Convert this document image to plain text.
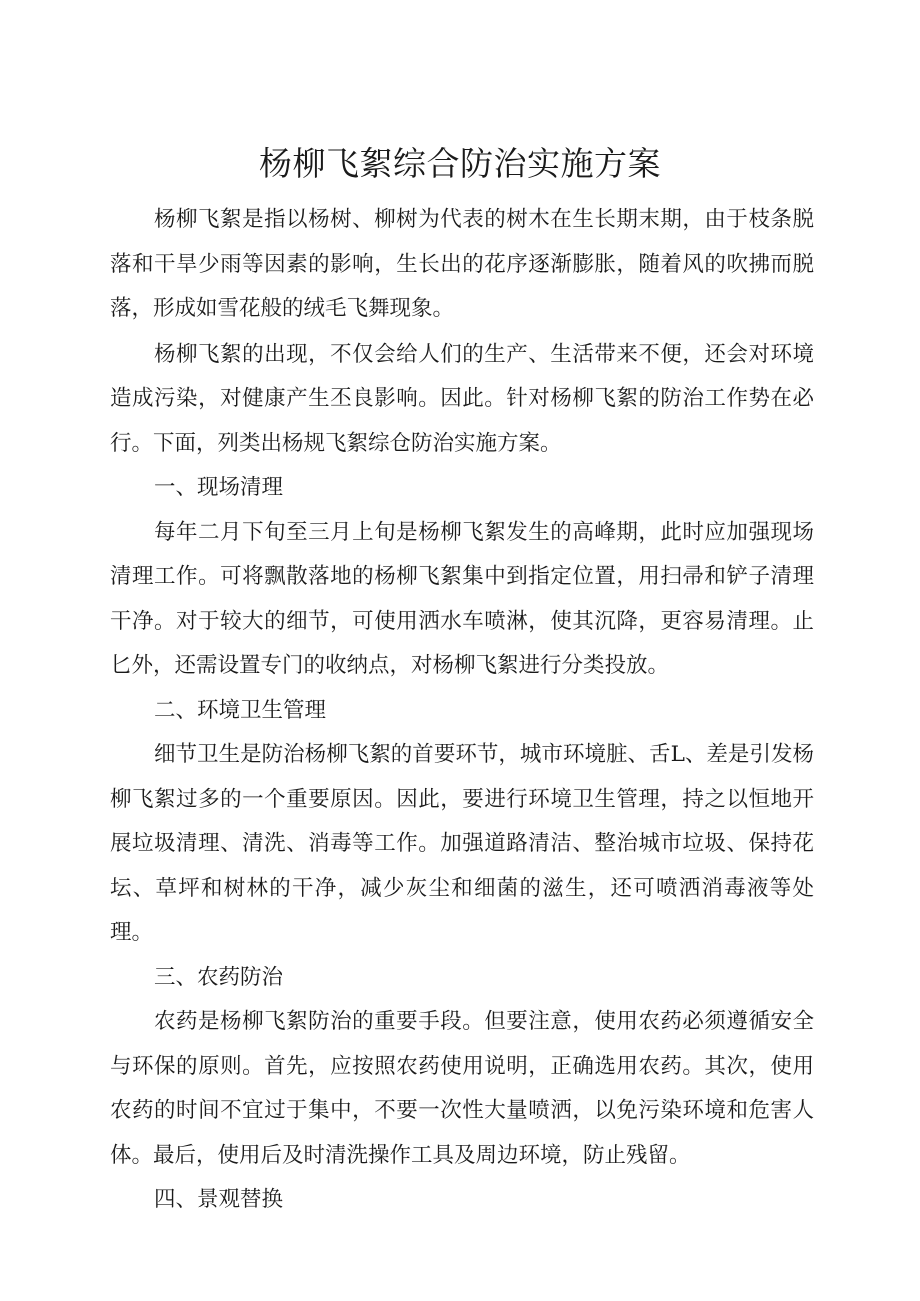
杨柳飞絮综合防治实施方案

杨柳飞絮是指以杨树、柳树为代表的树木在生长期末期，由于枝条脱落和干旱少雨等因素的影响，生长出的花序逐渐膨胀，随着风的吹拂而脱落，形成如雪花般的绒毛飞舞现象。

杨柳飞絮的出现，不仅会给人们的生产、生活带来不便，还会对环境造成污染，对健康产生丕良影响。因此。针对杨柳飞絮的防治工作势在必行。下面，列类出杨规飞絮综仓防治实施方案。

一、现场清理

每年二月下旬至三月上旬是杨柳飞絮发生的高峰期，此时应加强现场清理工作。可将飘散落地的杨柳飞絮集中到指定位置，用扫帚和铲子清理干净。对于较大的细节，可使用洒水车喷淋，使其沉降，更容易清理。止匕外，还需设置专门的收纳点，对杨柳飞絮进行分类投放。

二、环境卫生管理

细节卫生是防治杨柳飞絮的首要环节，城市环境脏、舌L、差是引发杨柳飞絮过多的一个重要原因。因此，要进行环境卫生管理，持之以恒地开展垃圾清理、清洗、消毒等工作。加强道路清洁、整治城市垃圾、保持花坛、草坪和树林的干净，减少灰尘和细菌的滋生，还可喷洒消毒液等处理。

三、农药防治

农药是杨柳飞絮防治的重要手段。但要注意，使用农药必须遵循安全与环保的原则。首先，应按照农药使用说明，正确选用农药。其次，使用农药的时间不宜过于集中，不要一次性大量喷洒，以免污染环境和危害人体。最后，使用后及时清洗操作工具及周边环境，防止残留。

四、景观替换
